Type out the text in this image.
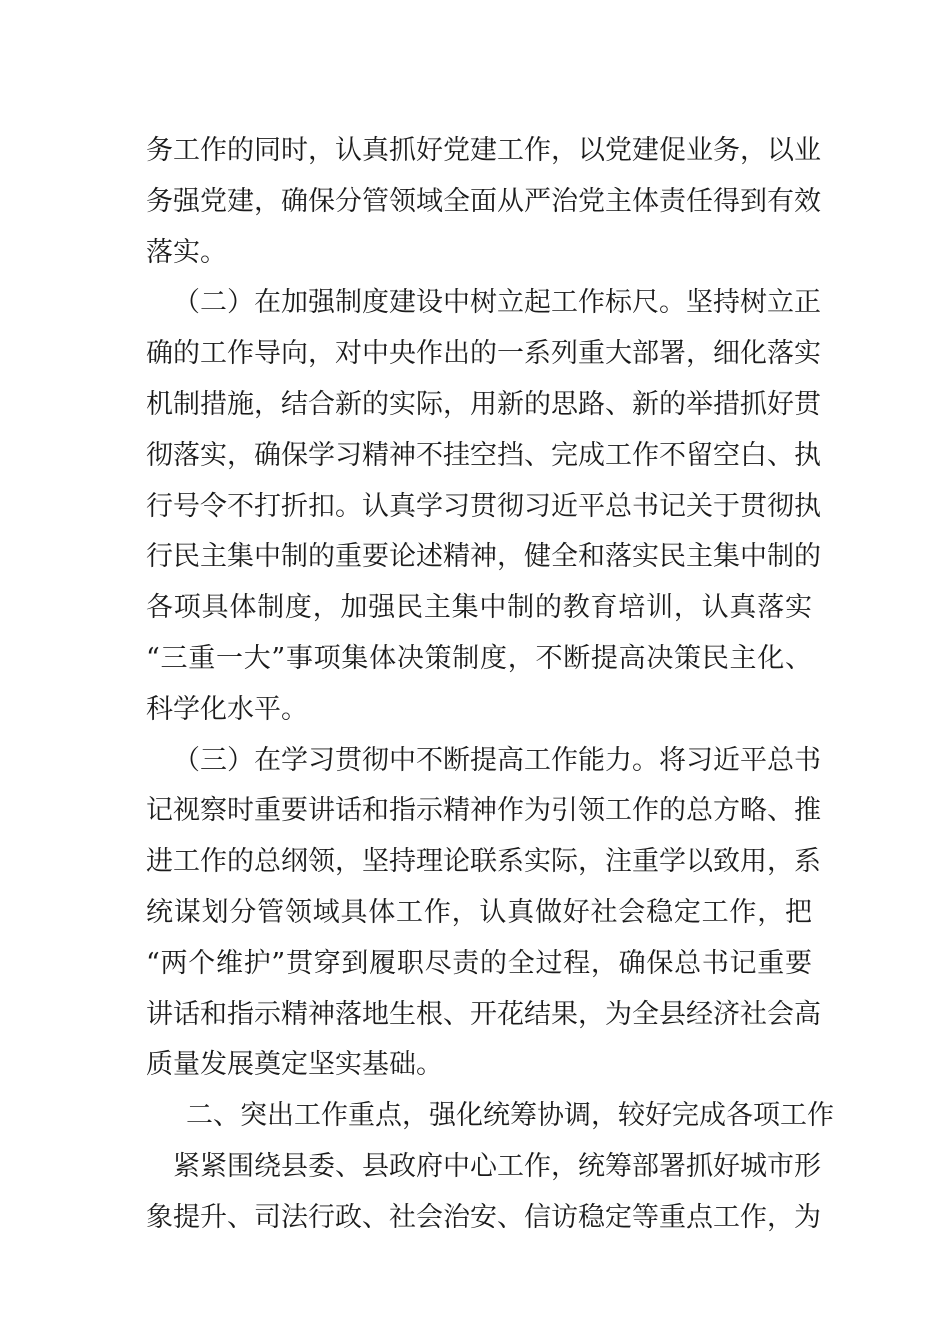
务工作的同时，认真抓好党建工作，以党建促业务，以业
务强党建，确保分管领域全面从严治党主体责任得到有效
落实。
（二）在加强制度建设中树立起工作标尺。坚持树立正
确的工作导向，对中央作出的一系列重大部署，细化落实
机制措施，结合新的实际，用新的思路、新的举措抓好贯
彻落实，确保学习精神不挂空挡、完成工作不留空白、执
行号令不打折扣。认真学习贯彻习近平总书记关于贯彻执
行民主集中制的重要论述精神，健全和落实民主集中制的
各项具体制度，加强民主集中制的教育培训，认真落实
“三重一大”事项集体决策制度，不断提高决策民主化、
科学化水平。
（三）在学习贯彻中不断提高工作能力。将习近平总书
记视察时重要讲话和指示精神作为引领工作的总方略、推
进工作的总纲领，坚持理论联系实际，注重学以致用，系
统谋划分管领域具体工作，认真做好社会稳定工作，把
“两个维护”贯穿到履职尽责的全过程，确保总书记重要
讲话和指示精神落地生根、开花结果，为全县经济社会高
质量发展奠定坚实基础。
二、突出工作重点，强化统筹协调，较好完成各项工作
紧紧围绕县委、县政府中心工作，统筹部署抓好城市形
象提升、司法行政、社会治安、信访稳定等重点工作，为
